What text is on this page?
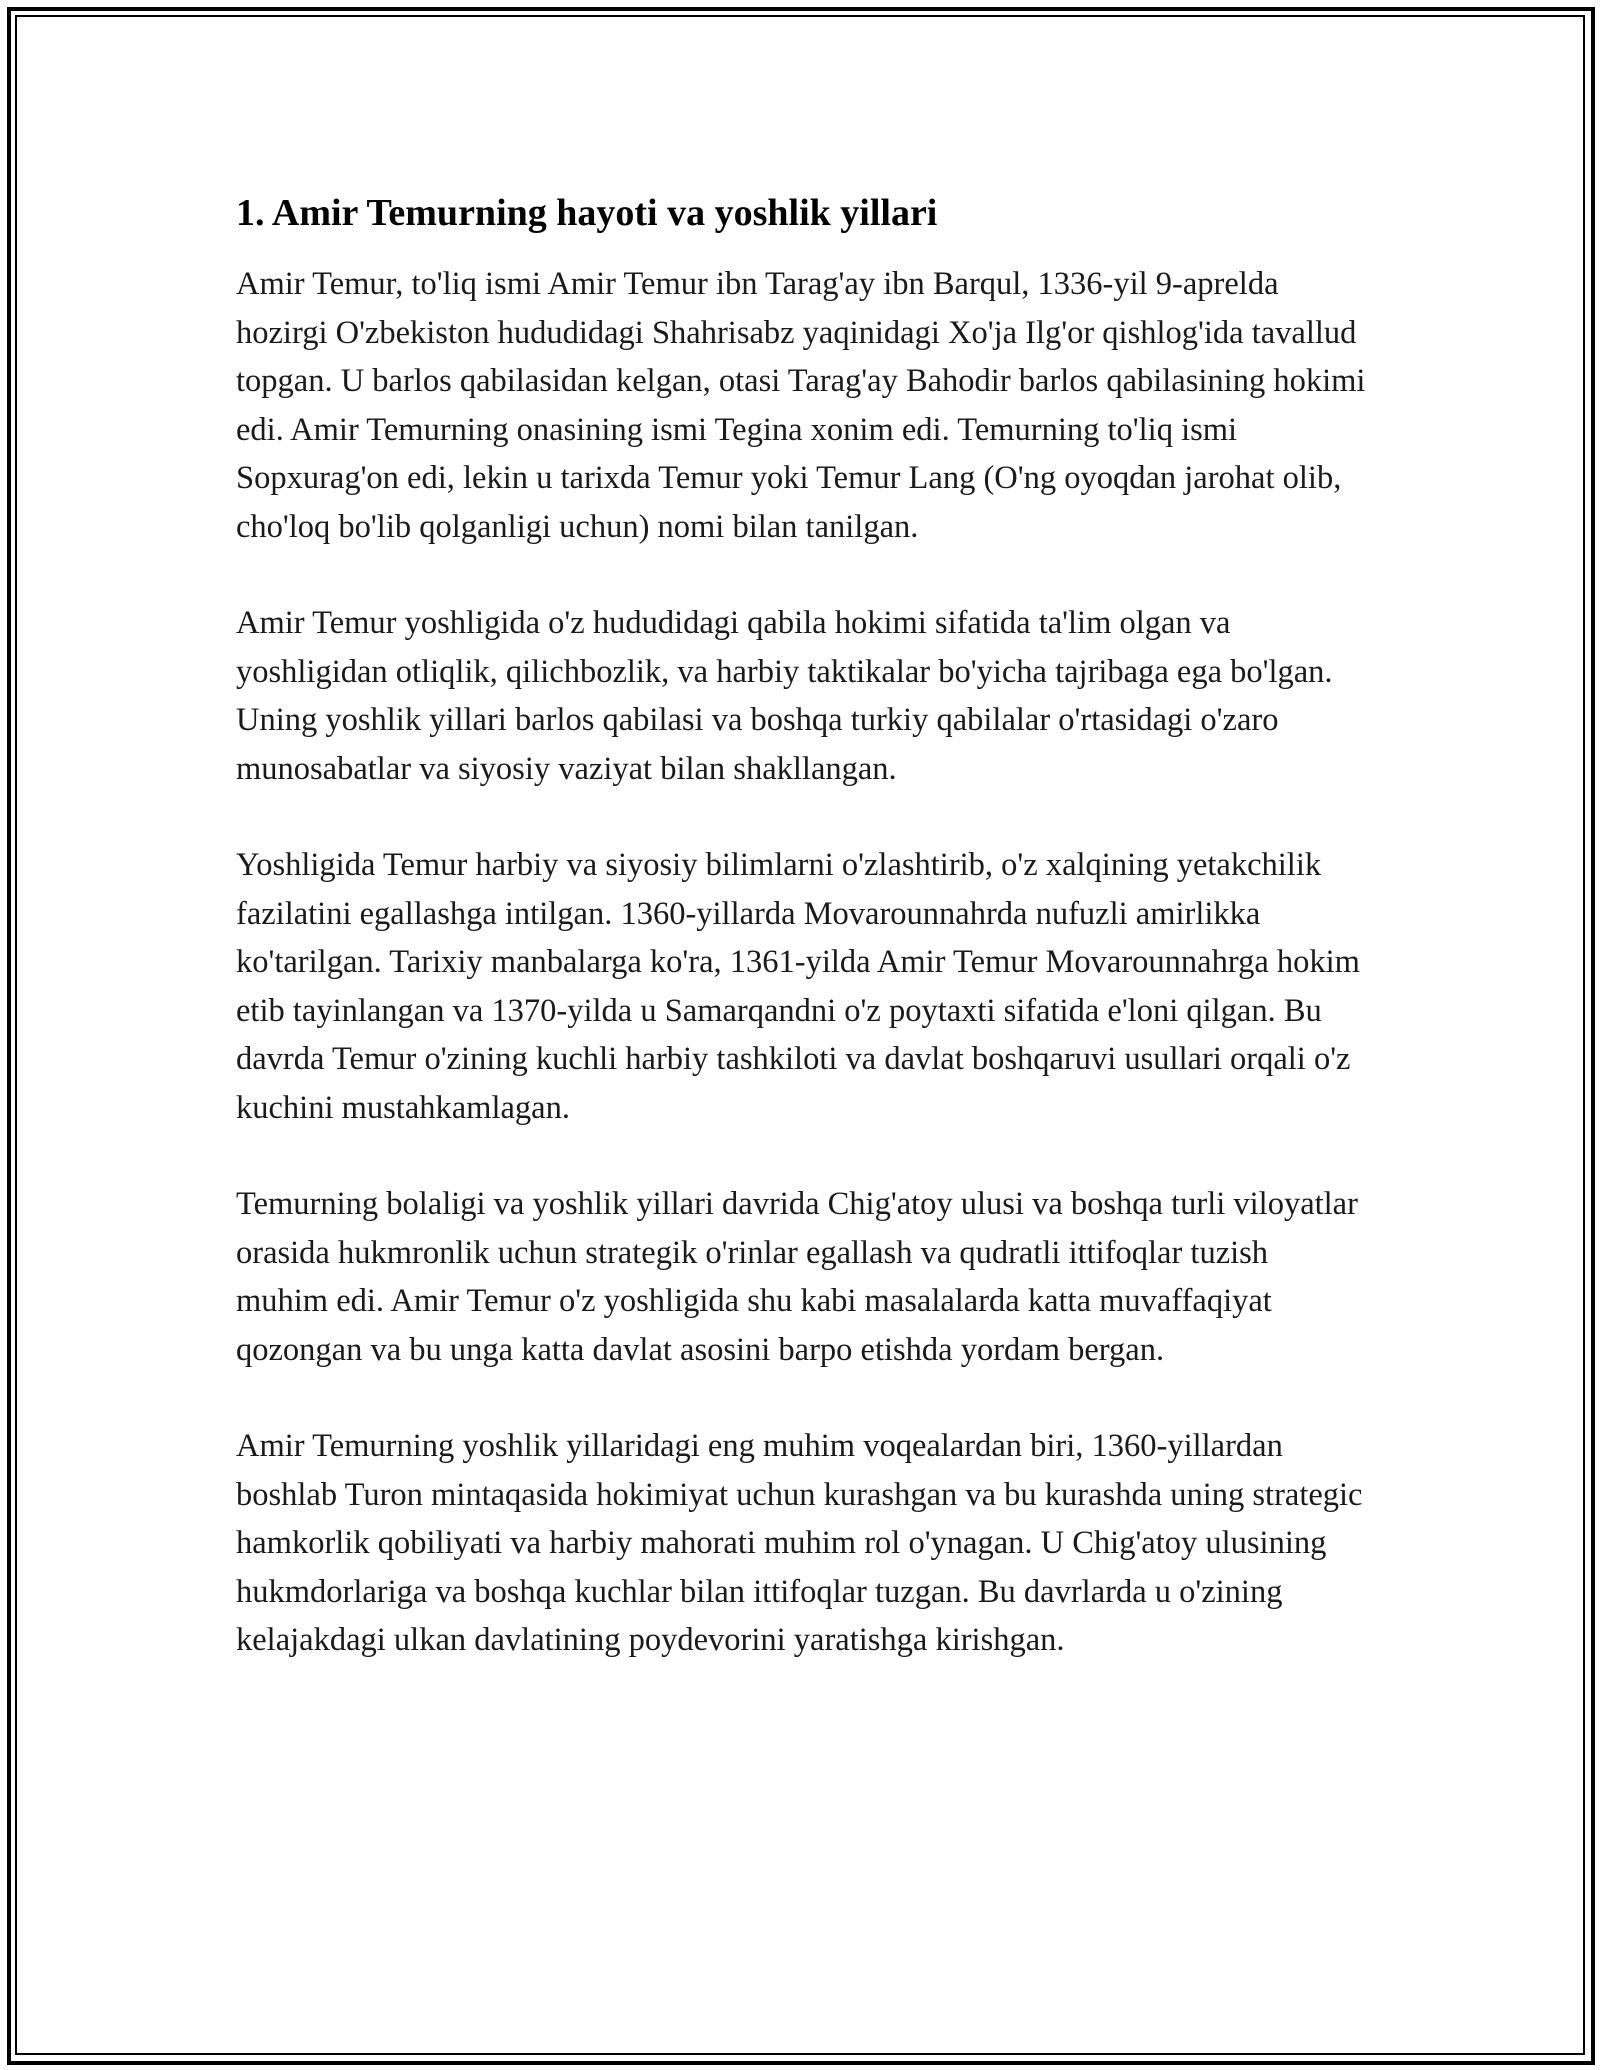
1. Amir Temurning hayoti va yoshlik yillari

Amir Temur, to'liq ismi Amir Temur ibn Tarag'ay ibn Barqul, 1336-yil 9-aprelda hozirgi O'zbekiston hududidagi Shahrisabz yaqinidagi Xo'ja Ilg'or qishlog'ida tavallud topgan. U barlos qabilasidan kelgan, otasi Tarag'ay Bahodir barlos qabilasining hokimi edi. Amir Temurning onasining ismi Tegina xonim edi. Temurning to'liq ismi Sopxurag'on edi, lekin u tarixda Temur yoki Temur Lang (O'ng oyoqdan jarohat olib, cho'loq bo'lib qolganligi uchun) nomi bilan tanilgan.

Amir Temur yoshligida o'z hududidagi qabila hokimi sifatida ta'lim olgan va yoshligidan otliqlik, qilichbozlik, va harbiy taktikalar bo'yicha tajribaga ega bo'lgan. Uning yoshlik yillari barlos qabilasi va boshqa turkiy qabilalar o'rtasidagi o'zaro munosabatlar va siyosiy vaziyat bilan shakllangan.

Yoshligida Temur harbiy va siyosiy bilimlarni o'zlashtirib, o'z xalqining yetakchilik fazilatini egallashga intilgan. 1360-yillarda Movarounnahrda nufuzli amirlikka ko'tarilgan. Tarixiy manbalarga ko'ra, 1361-yilda Amir Temur Movarounnahrga hokim etib tayinlangan va 1370-yilda u Samarqandni o'z poytaxti sifatida e'loni qilgan. Bu davrda Temur o'zining kuchli harbiy tashkiloti va davlat boshqaruvi usullari orqali o'z kuchini mustahkamlagan.

Temurning bolaligi va yoshlik yillari davrida Chig'atoy ulusi va boshqa turli viloyatlar orasida hukmronlik uchun strategik o'rinlar egallash va qudratli ittifoqlar tuzish muhim edi. Amir Temur o'z yoshligida shu kabi masalalarda katta muvaffaqiyat qozongan va bu unga katta davlat asosini barpo etishda yordam bergan.

Amir Temurning yoshlik yillaridagi eng muhim voqealardan biri, 1360-yillardan boshlab Turon mintaqasida hokimiyat uchun kurashgan va bu kurashda uning strategic hamkorlik qobiliyati va harbiy mahorati muhim rol o'ynagan. U Chig'atoy ulusining hukmdorlariga va boshqa kuchlar bilan ittifoqlar tuzgan. Bu davrlarda u o'zining kelajakdagi ulkan davlatining poydevorini yaratishga kirishgan.
